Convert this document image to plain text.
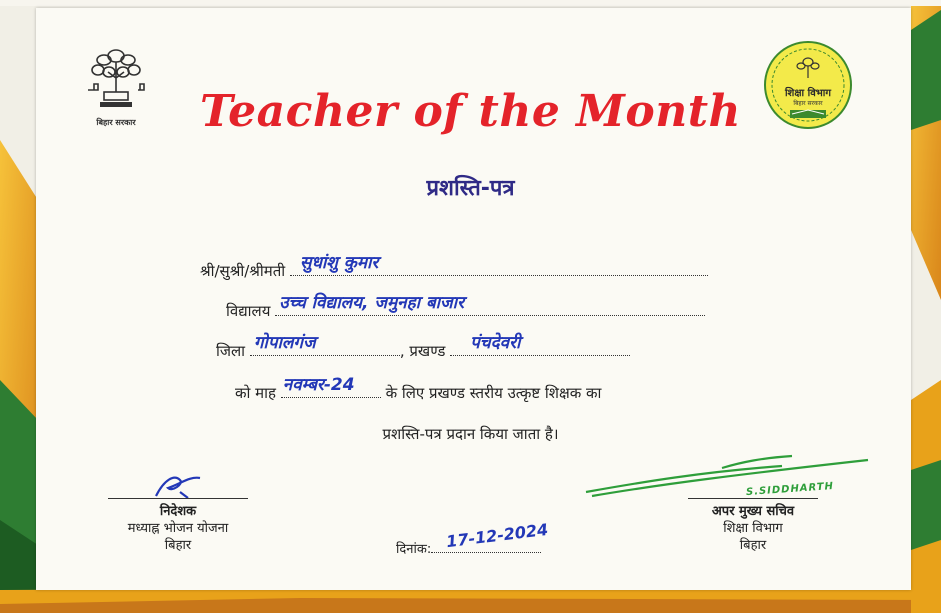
बिहार सरकार
शिक्षा विभाग
बिहार सरकार
Teacher of the Month
प्रशस्ति-पत्र
श्री/सुश्री/श्रीमती सुधांशु कुमार
विद्यालय उच्च विद्यालय, जमुनहा बाजार
जिला गोपालगंज	, प्रखण्ड पंचदेवरी
को माह नवम्बर-24 के लिए प्रखण्ड स्तरीय उत्कृष्ट शिक्षक का
प्रशस्ति-पत्र प्रदान किया जाता है।
निदेशक
मध्याह्न भोजन योजना
बिहार
S.SIDDHARTH
अपर मुख्य सचिव
शिक्षा विभाग
बिहार
दिनांक: 17-12-2024
